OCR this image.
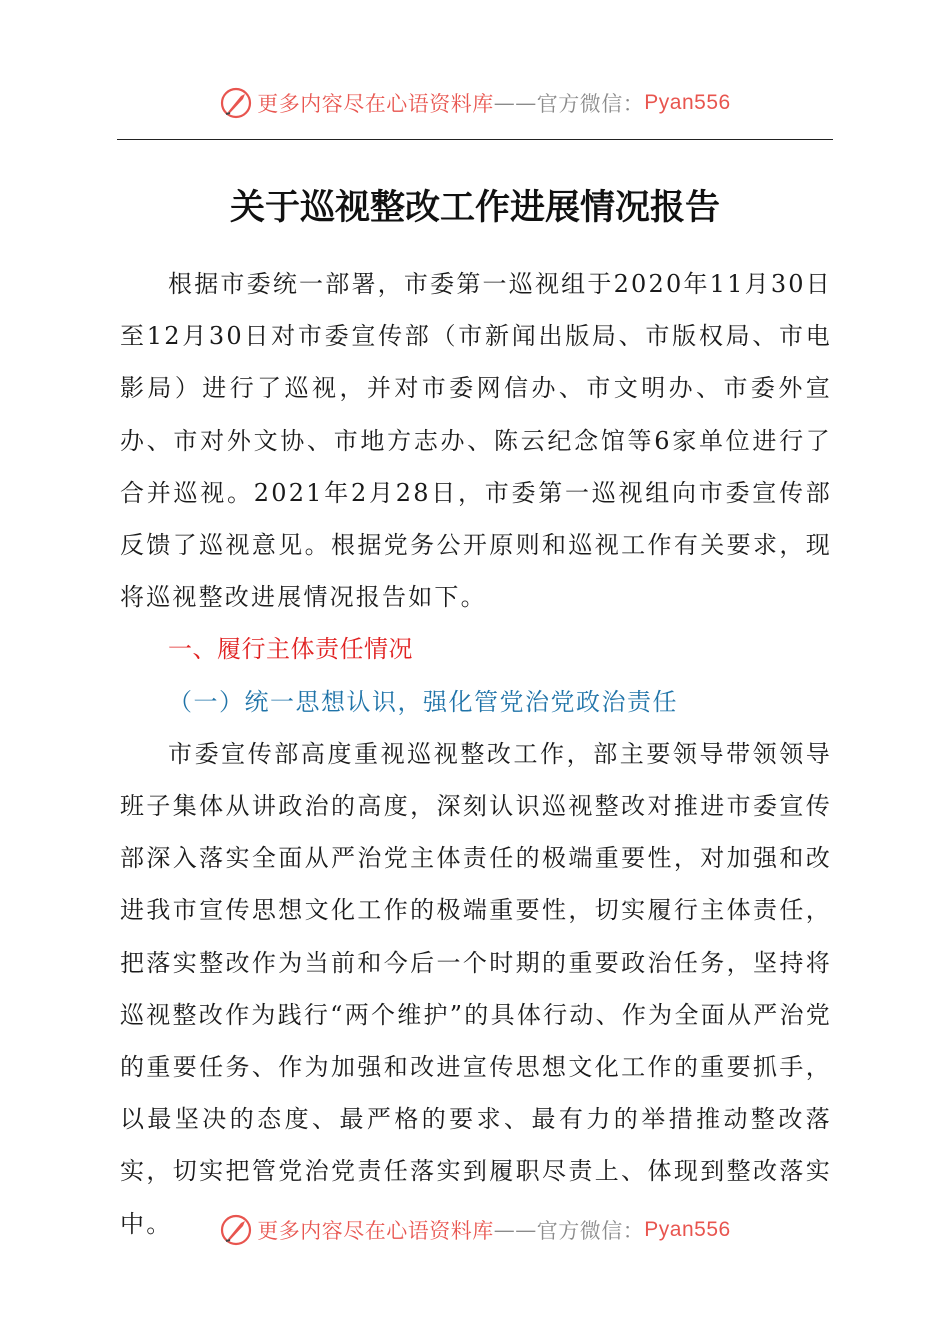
更多内容尽在心语资料库 —— 官方微信： Pyan556
关于巡视整改工作进展情况报告

根据市委统一部署，市委第一巡视组于2020年11月30日至12月30日对市委宣传部（市新闻出版局、市版权局、市电影局）进行了巡视，并对市委网信办、市文明办、市委外宣办、市对外文协、市地方志办、陈云纪念馆等6家单位进行了合并巡视。2021年2月28日，市委第一巡视组向市委宣传部反馈了巡视意见。根据党务公开原则和巡视工作有关要求，现将巡视整改进展情况报告如下。

一、履行主体责任情况

（一）统一思想认识，强化管党治党政治责任

市委宣传部高度重视巡视整改工作，部主要领导带领领导班子集体从讲政治的高度，深刻认识巡视整改对推进市委宣传部深入落实全面从严治党主体责任的极端重要性，对加强和改进我市宣传思想文化工作的极端重要性，切实履行主体责任，把落实整改作为当前和今后一个时期的重要政治任务，坚持将巡视整改作为践行“两个维护”的具体行动、作为全面从严治党的重要任务、作为加强和改进宣传思想文化工作的重要抓手，以最坚决的态度、最严格的要求、最有力的举措推动整改落实，切实把管党治党责任落实到履职尽责上、体现到整改落实中。	更多内容尽在心语资料库 —— 官方微信： Pyan556
